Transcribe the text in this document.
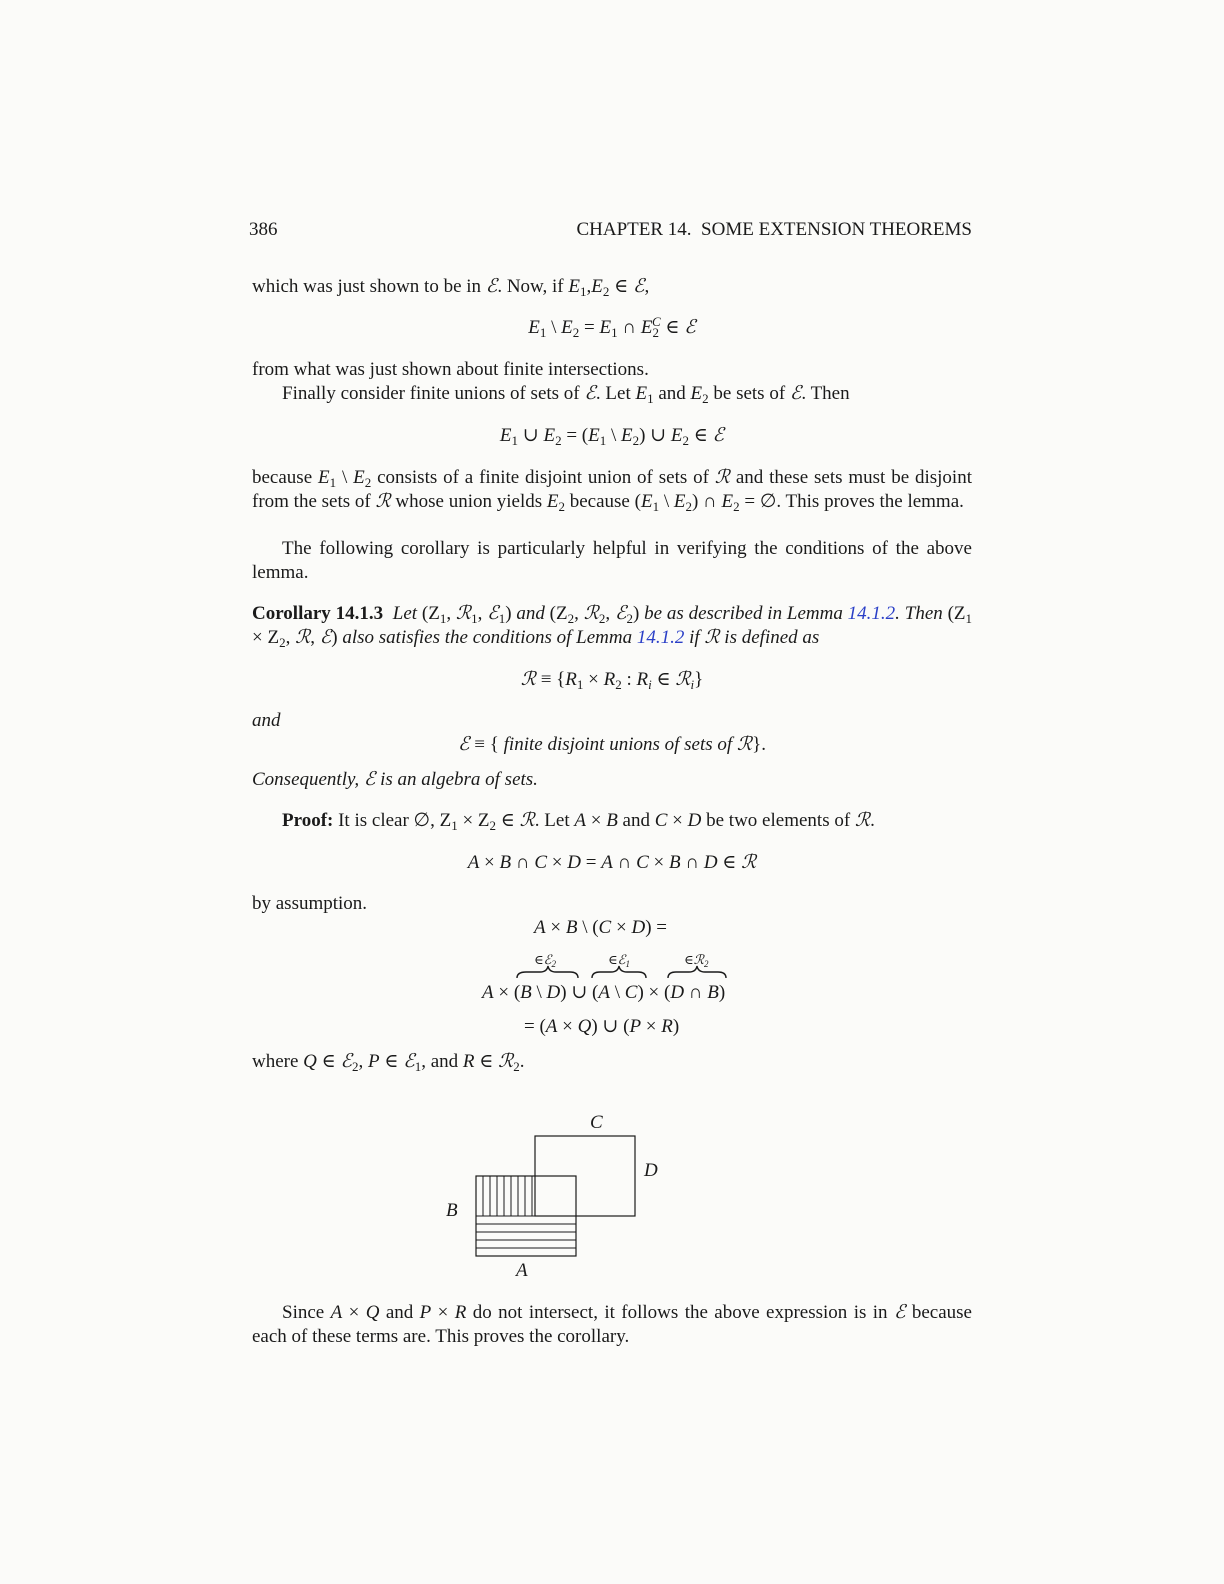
386	CHAPTER 14.  SOME EXTENSION THEOREMS
which was just shown to be in ℰ. Now, if $E_1,E_2$ ∈ ℰ,
$E_1$ \ $E_2 = E_1$ ∩ $E_2^C$ ∈ ℰ
from what was just shown about finite intersections.
Finally consider finite unions of sets of ℰ. Let $E_1$ and $E_2$ be sets of ℰ. Then
$E_1$ ∪ $E_2 = (E_1$ \ $E_2$) ∪ $E_2$ ∈ ℰ
because $E_1$ \ $E_2$ consists of a finite disjoint union of sets of ℛ and these sets must be disjoint from the sets of ℛ whose union yields $E_2$ because ($E_1$ \ $E_2$) ∩ $E_2$ = ∅. This proves the lemma.
The following corollary is particularly helpful in verifying the conditions of the above lemma.
Corollary 14.1.3 Let ($Z_1$, ℛ$_1$, ℰ$_1$) and ($Z_2$, ℛ$_2$, ℰ$_2$) be as described in Lemma 14.1.2. Then ($Z_1 \times Z_2$, ℛ, ℰ) also satisfies the conditions of Lemma 14.1.2 if ℛ is defined as
ℛ ≡ {$R_1 \times R_2$ : $R_i$ ∈ ℛ$_i$}
and
ℰ ≡ { finite disjoint unions of sets of ℛ}.
Consequently, ℰ is an algebra of sets.
Proof: It is clear ∅, $Z_1 \times Z_2$ ∈ ℛ. Let A × B and C × D be two elements of ℛ.
A × B ∩ C × D = A ∩ C × B ∩ D ∈ ℛ
by assumption.
A × B \ (C × D) =
∈ℰ$_2$	∈ℰ$_1$	∈ℛ$_2$
A × (B \ D) ∪ (A \ C) × (D ∩ B)
= (A × Q) ∪ (P × R)
where Q ∈ ℰ$_2$, P ∈ ℰ$_1$, and R ∈ ℛ$_2$.
C
D
B
A
Since A × Q and P × R do not intersect, it follows the above expression is in ℰ because each of these terms are. This proves the corollary.
